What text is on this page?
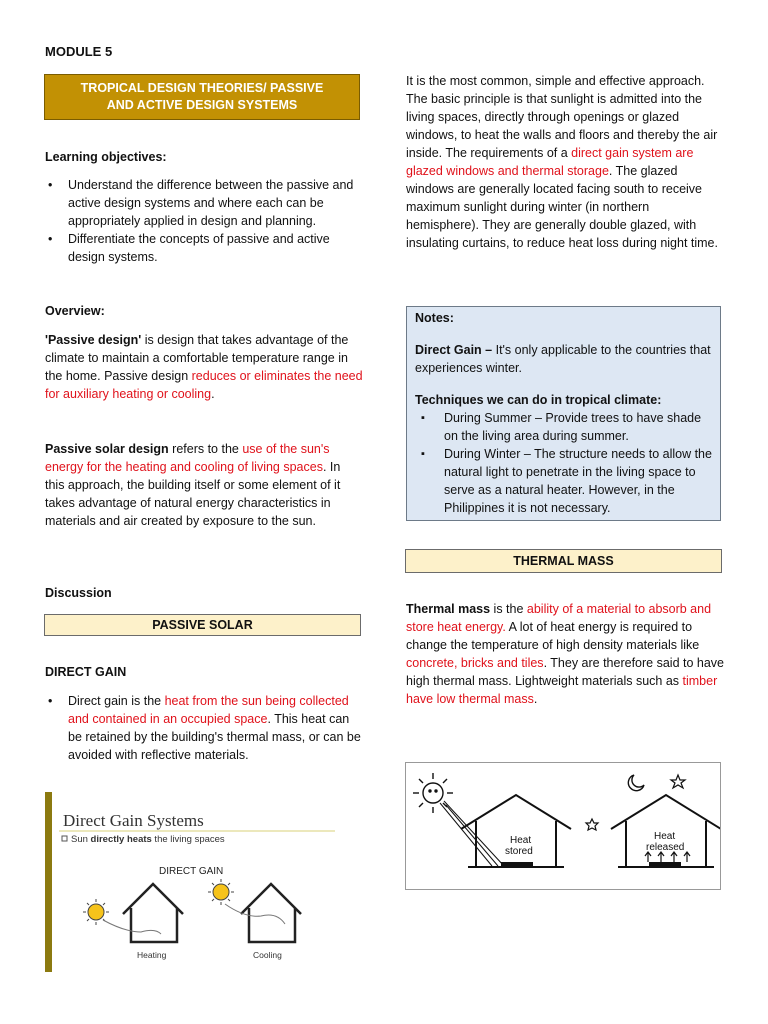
MODULE 5
TROPICAL DESIGN THEORIES/ PASSIVE
AND ACTIVE DESIGN SYSTEMS
Learning objectives:
• Understand the difference between the passive and active design systems and where each can be appropriately applied in design and planning.
• Differentiate the concepts of passive and active design systems.
Overview:

'Passive design' is design that takes advantage of the climate to maintain a comfortable temperature range in the home. Passive design reduces or eliminates the need for auxiliary heating or cooling.

Passive solar design refers to the use of the sun's energy for the heating and cooling of living spaces. In this approach, the building itself or some element of it takes advantage of natural energy characteristics in materials and air created by exposure to the sun.

Discussion
PASSIVE SOLAR
DIRECT GAIN
• Direct gain is the heat from the sun being collected and contained in an occupied space. This heat can be retained by the building's thermal mass, or can be avoided with reflective materials.
Direct Gain Systems
Sun directly heats the living spaces
DIRECT GAIN
Heating	Cooling

It is the most common, simple and effective approach. The basic principle is that sunlight is admitted into the living spaces, directly through openings or glazed windows, to heat the walls and floors and thereby the air inside. The requirements of a direct gain system are glazed windows and thermal storage. The glazed windows are generally located facing south to receive maximum sunlight during winter (in northern hemisphere). They are generally double glazed, with insulating curtains, to reduce heat loss during night time.

Notes:
Direct Gain – It's only applicable to the countries that experiences winter.
Techniques we can do in tropical climate:
▪ During Summer – Provide trees to have shade on the living area during summer.
▪ During Winter – The structure needs to allow the natural light to penetrate in the living space to serve as a natural heater. However, in the Philippines it is not necessary.
THERMAL MASS

Thermal mass is the ability of a material to absorb and store heat energy. A lot of heat energy is required to change the temperature of high density materials like concrete, bricks and tiles. They are therefore said to have high thermal mass. Lightweight materials such as timber have low thermal mass.

Heat
stored
Heat
released
